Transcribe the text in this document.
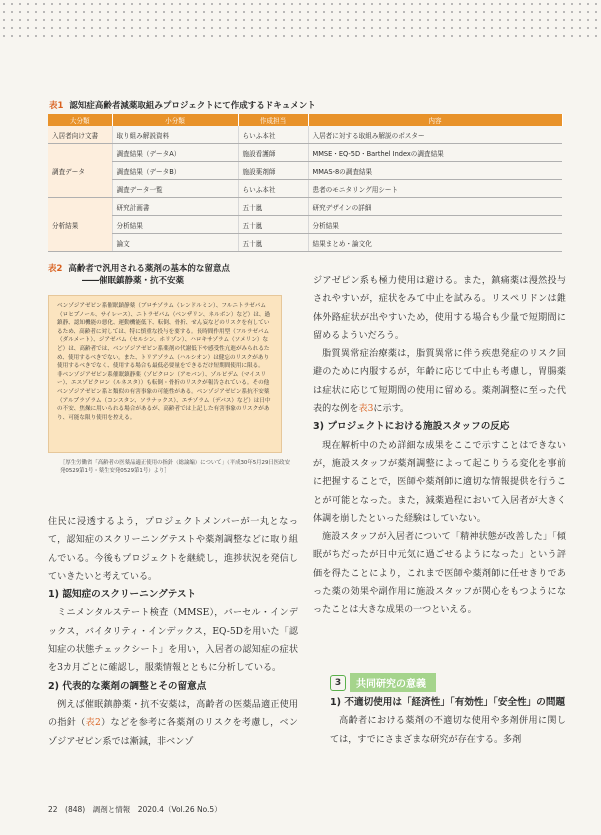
表1 認知症高齢者減薬取組みプロジェクトにて作成するドキュメント
大分類	小分類	作成担当	内容
入居者向け文書	取り組み解説資料	らいふ本社	入居者に対する取組み解説のポスター
調査データ	調査結果（データA）	施設看護師	MMSE・EQ-5D・Barthel Indexの調査結果
	調査結果（データB）	施設薬剤師	MMAS-8の調査結果
	調査データ一覧	らいふ本社	患者のモニタリング用シート
分析結果	研究計画書	五十嵐	研究デザインの詳細
	分析結果	五十嵐	分析結果
	論文	五十嵐	結果まとめ・論文化
表2 高齢者で汎用される薬剤の基本的な留意点
――催眠鎮静薬・抗不安薬

ベンゾジアゼピン系催眠鎮静薬（ブロチゾラム（レンドルミン）、フルニトラゼパム（ロヒプノール、サイレース）、ニトラゼパム（ベンザリン、ネルボン）など）は、過鎮静、認知機能の悪化、運動機能低下、転倒、骨折、せん妄などのリスクを有しているため、高齢者に対しては、特に慎重な投与を要する。長時間作用型（フルラゼパム（ダルメート）、ジアゼパム（セルシン、ホリゾン）、ハロキサゾラム（ソメリン）など）は、高齢者では、ベンゾジアゼピン系薬剤の代謝低下や感受性亢進がみられるため、使用するべきでない。また、トリアゾラム（ハルシオン）は健忘のリスクがあり使用するべきでなく、使用する場合も最低必要量をできるだけ短期間使用に限る。

非ベンゾジアゼピン系催眠鎮静薬（ゾピクロン（アモバン）、ゾルピデム（マイスリー）、エスゾピクロン（ルネスタ））も転倒・骨折のリスクが報告されている。その他ベンゾジアゼピン系と類似の有害事象の可能性がある。ベンゾジアゼピン系抗不安薬（アルプラゾラム（コンスタン、ソラナックス）、エチゾラム（デパス）など）は日中の不安、焦燥に用いられる場合があるが、高齢者では上記した有害事象のリスクがあり、可能な限り使用を控える。

［厚生労働省「高齢者の医薬品適正使用の指針（総論編）について」（平成30年5月29日医政安発0529第1号・薬生安発0529第1号）より］

住民に浸透するよう，プロジェクトメンバーが一丸となって，認知症のスクリーニングテストや薬剤調整などに取り組んでいる。今後もプロジェクトを継続し，進捗状況を発信していきたいと考えている。

1) 認知症のスクリーニングテスト

ミニメンタルステート検査（MMSE），バーセル・インデックス，バイタリティ・インデックス，EQ-5Dを用いた「認知症の状態チェックシート」を用い，入居者の認知症の症状を3カ月ごとに確認し，服薬情報とともに分析している。

2) 代表的な薬剤の調整とその留意点

例えば催眠鎮静薬・抗不安薬は，高齢者の医薬品適正使用の指針（表2）などを参考に各薬剤のリスクを考慮し，ベンゾジアゼピン系では漸減，非ベンゾ

ジアゼピン系も極力使用は避ける。また，鎮痛薬は漫然投与されやすいが，症状をみて中止を試みる。リスペリドンは錐体外路症状が出やすいため，使用する場合も少量で短期間に留めるよういだろう。

脂質異常症治療薬は，脂質異常に伴う疾患発症のリスク回避のために内服するが，年齢に応じて中止も考慮し，胃腸薬は症状に応じて短期間の使用に留める。薬剤調整に至った代表的な例を表3に示す。

3) プロジェクトにおける施設スタッフの反応

現在解析中のため詳細な成果をここで示すことはできないが，施設スタッフが薬剤調整によって起こりうる変化を事前に把握することで，医師や薬剤師に適切な情報提供を行うことが可能となった。また，減薬過程において入居者が大きく体調を崩したといった経験はしていない。

施設スタッフが入居者について「精神状態が改善した」「傾眠がちだったが日中元気に過ごせるようになった」という評価を得たことにより，これまで医師や薬剤師に任せきりであった薬の効果や副作用に施設スタッフが関心をもつようになったことは大きな成果の一つといえる。

3	共同研究の意義
1) 不適切使用は「経済性」「有効性」「安全性」の問題

高齢者における薬剤の不適切な使用や多剤併用に関しては，すでにさまざまな研究が存在する。多剤

22　(848)　調剤と情報　2020.4（Vol.26 No.5）
